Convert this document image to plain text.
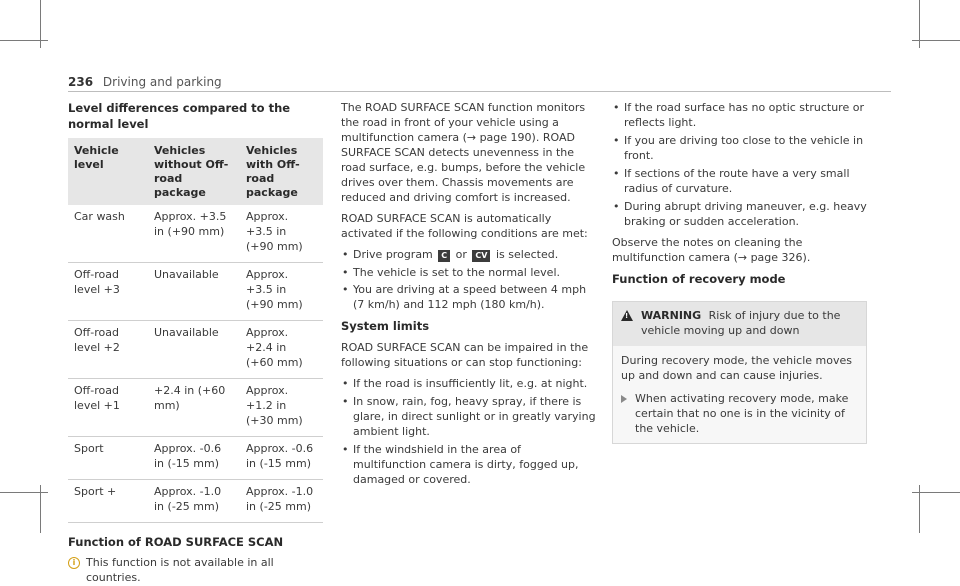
236 Driving and parking
Level differences compared to the normal level
Vehicle level	Vehicles without Off-road package	Vehicles with Off-road package
Car wash	Approx. +3.5 in (+90 mm)	Approx. +3.5 in (+90 mm)
Off-road level +3	Unavailable	Approx. +3.5 in (+90 mm)
Off-road level +2	Unavailable	Approx. +2.4 in (+60 mm)
Off-road level +1	+2.4 in (+60 mm)	Approx. +1.2 in (+30 mm)
Sport	Approx. -0.6 in (-15 mm)	Approx. -0.6 in (-15 mm)
Sport +	Approx. -1.0 in (-25 mm)	Approx. -1.0 in (-25 mm)
Function of ROAD SURFACE SCAN
i This function is not available in all countries.

The ROAD SURFACE SCAN function monitors the road in front of your vehicle using a multifunction camera (→ page 190). ROAD SURFACE SCAN detects unevenness in the road surface, e.g. bumps, before the vehicle drives over them. Chassis movements are reduced and driving comfort is increased.

ROAD SURFACE SCAN is automatically activated if the following conditions are met:

• Drive program C or CV is selected.
• The vehicle is set to the normal level.
• You are driving at a speed between 4 mph (7 km/h) and 112 mph (180 km/h).
System limits

ROAD SURFACE SCAN can be impaired in the following situations or can stop functioning:

• If the road is insufficiently lit, e.g. at night.
• In snow, rain, fog, heavy spray, if there is glare, in direct sunlight or in greatly varying ambient light.
• If the windshield in the area of multifunction camera is dirty, fogged up, damaged or covered.
• If the road surface has no optic structure or reflects light.
• If you are driving too close to the vehicle in front.
• If sections of the route have a very small radius of curvature.
• During abrupt driving maneuver, e.g. heavy braking or sudden acceleration.

Observe the notes on cleaning the multifunction camera (→ page 326).

Function of recovery mode
! WARNING Risk of injury due to the vehicle moving up and down
During recovery mode, the vehicle moves up and down and can cause injuries.
When activating recovery mode, make certain that no one is in the vicinity of the vehicle.
